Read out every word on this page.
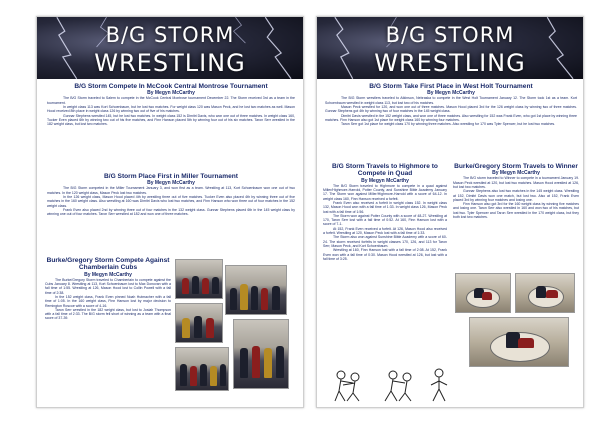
B/G STORM
WRESTLING
B/G Storm Compete In McCook Central Montrose Tournament
By Megyn McCarthy
The B/G Storm traveled to Salem to compete in the McCook Central Montrose tournament December 22. The Storm received 3rd as a team in the tournament.
In weight class 113 was Kort Schoenbaum, but he lost two matches. For weight class 120 was Mason Peck, and he lost two matches as well. Mason Hood received 8th place in weight class 126 by winning two out of five of his matches.
Gunnar Stephens wrestled 145, but he lost two matches. In weight class 152 is Dimitri Davis, who won one out of three matches. In weight class 160, Tucker Even placed 6th by winning two out of his five matches, and Finn Hanson placed 5th by winning four out of his six matches. Taron Serr wrestled in the 182 weight class, but lost two matches.
B/G Storm Place First in Miller Tournament
By Megyn McCarthy
The B/G Storm competed in the Miller Tournament January 3, and won first as a team. Wrestling at 113, Kort Schoenbaum won one out of two matches. In the 120 weight class, Mason Peck lost two matches.
In the 126 weight class, Mason Hood placed 4th by wrestling three out of five matches. Tucker Even also placed 4th by winning three out of five matches in the 160 weight class. Also wrestling at 160 was Dimitri Davis who lost two matches, and Finn Hanson who won three out of four matches in the 152 weight class.
Frank Even also placed 2nd by winning three out of four matches in the 132 weight class. Gunnar Stephens placed 6th in the 145 weight class by winning one out of four matches. Taron Serr wrestled at 182 and won one of three matches.
Burke/Gregory Storm Compete Against Chamberlain Cubs
By Megyn McCarthy
The Burke/Gregory Storm traveled to Chamberlain to compete against the Cubs January 8. Wrestling at 113, Kort Schoenbaum lost to Max Donovan with a fall time of 1:55. Wrestling at 126, Mason Hood lost to Collin Powell with a fall time of 2:38.
In the 152 weight class, Frank Even pinned Noah Hutmacher with a fall time of 1:05. In the 160 weight class, Finn Hanson lost by major decision to Remington Roscoe with a score of 4-16.
Taron Serr wrestled in the 182 weight class, but lost to Josiah Thompson with a fall time of 2:33. The B/G storm fell short of winning as a team with a final score of 37-39.
B/G STORM
WRESTLING
B/G Storm Take First Place in West Holt Tournament
By Megyn McCarthy
The B/G Storm wrestlers traveled to Atkinson, Nebraska to compete in the West Holt Tournament January 12. The Storm took 1st as a team. Kort Schoenbaum wrestled in weight class 113, but lost two of his matches.
Mason Peck wrestled for 120, and won one out of three matches. Mason Hood placed 3rd for the 126 weight class by winning two of three matches. Gunnar Stephens got 4th by winning two of four matches in the 145 weight class.
Dimitri Davis wrestled in the 152 weight class, and won one of three matches. Also wrestling for 152 was Frank Even, who got 1st place by winning three matches. Finn Hanson also got 1st place for weight class 160 by winning four matches.
Taron Serr got 1st place for weight class 170 by winning three matches. Also wrestling for 170 was Tyler Spencer, but he lost two matches.
B/G Storm Travels to Highmore to Compete in Quad
By Megyn McCarthy
The B/G Storm traveled to Highmore to compete in a quad against Miller/Highmore-Harrold, Potter County, and Sunshine Bible Academy January 17. The Storm won against Miller/Highmore-Harrold with a score of 64-12. In weight class 160, Finn Hanson received a forfeit.
Frank Even also received a forfeit in weight class 152. In weight class 132, Mason Hood won with a fall time of 1:33. In weight class 126, Mason Peck lost with a fall time of 1:56.
The Storm won against Potter County with a score of 48-27. Wrestling at 170, Taron Serr lost with a fall time of 0:52. At 160, Finn Hanson lost with a score of 7-1.
At 152, Frank Even received a forfeit. At 126, Mason Hood also received a forfeit. Wrestling at 120, Mason Peck lost with a fall time of 1:33.
The Storm also won against Sunshine Bible Academy with a score of 60-24. The storm received forfeits in weight classes 170, 126, and 113 for Taron Serr, Mason Peck, and Kort Schoenbaum.
Wrestling at 160, Finn Hanson lost with a fall time of 2:08. At 152, Frank Even won with a fall time of 0:30. Mason Hood wrestled at 126, but lost with a fall time of 3:25.
Burke/Gregory Storm Travels to Winner
By Megyn McCarthy
The B/G storm traveled to Winner to compete in a tournament January 19. Mason Peck wrestled at 120, but lost two matches. Mason Hood wrestled at 126, but lost two matches.
Gunnar Stephens also lost two matches in the 145 weight class. Wrestling at 152, Dimitri Davis won one match, but lost two. Also at 152, Frank Even placed 3rd by winning four matches and losing one.
Finn Hanson also got 3rd for the 160 weight class by winning five matches and losing one. Taron Serr also wrestled in 160 and won two of his matches, but lost two. Tyler Spencer and Taron Serr wrestled in the 170 weight class, but they both lost two matches.
